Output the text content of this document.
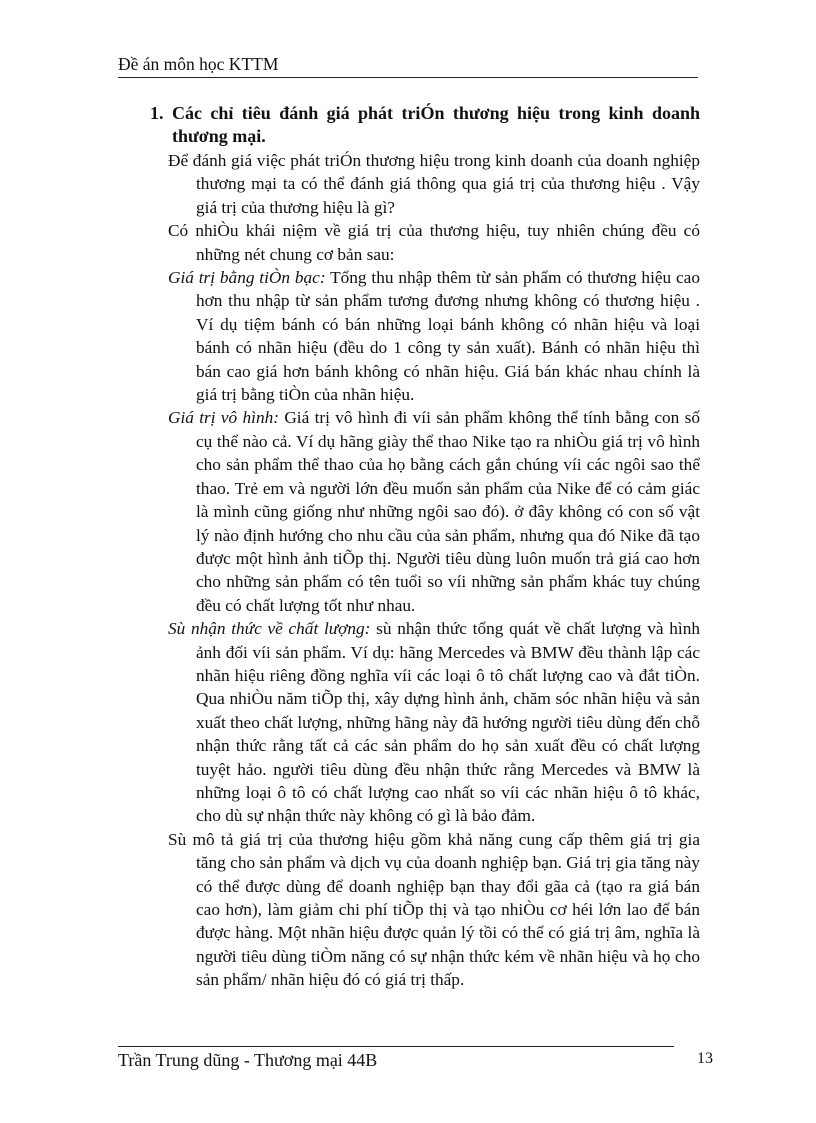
Đề án môn học KTTM
1. Các chỉ tiêu đánh giá phát triÓn thương hiệu trong kinh doanh thương mại.

Để đánh giá việc phát triÓn thương hiệu trong kinh doanh của doanh nghiệp thương mại ta có thể đánh giá thông qua giá trị của thương hiệu . Vậy giá trị của thương hiệu là gì?

Có nhiÒu khái niệm về giá trị của thương hiệu, tuy nhiên chúng đều có những nét chung cơ bản sau:

Giá trị bằng tiÒn bạc: Tổng thu nhập thêm từ sản phẩm có thương hiệu cao hơn thu nhập từ sản phẩm tương đương nhưng không có thương hiệu . Ví dụ tiệm bánh có bán những loại bánh không có nhãn hiệu và loại bánh có nhãn hiệu (đều do 1 công ty sản xuất). Bánh có nhãn hiệu thì bán cao giá hơn bánh không có nhãn hiệu. Giá bán khác nhau chính là giá trị bằng tiÒn của nhãn hiệu.

Giá trị vô hình: Giá trị vô hình đi víi sản phẩm không thể tính bằng con số cụ thể nào cả. Ví dụ hãng giày thể thao Nike tạo ra nhiÒu giá trị vô hình cho sản phẩm thể thao của họ bằng cách gắn chúng víi các ngôi sao thể thao. Trẻ em và người lớn đều muốn sản phẩm của Nike để có cảm giác là mình cũng giống như những ngôi sao đó). ở đây không có con số vật lý nào định hướng cho nhu cầu của sản phẩm, nhưng qua đó Nike đã tạo được một hình ảnh tiÕp thị. Người tiêu dùng luôn muốn trả giá cao hơn cho những sản phẩm có tên tuổi so víi những sản phẩm khác tuy chúng đều có chất lượng tốt như nhau.

Sù nhận thức về chất lượng: sù nhận thức tổng quát về chất lượng và hình ảnh đối víi sản phẩm. Ví dụ: hãng Mercedes và BMW đều thành lập các nhãn hiệu riêng đồng nghĩa víi các loại ô tô chất lượng cao và đắt tiÒn. Qua nhiÒu năm tiÕp thị, xây dựng hình ảnh, chăm sóc nhãn hiệu và sản xuất theo chất lượng, những hãng này đã hướng người tiêu dùng đến chỗ nhận thức rằng tất cả các sản phẩm do họ sản xuất đều có chất lượng tuyệt hảo. người tiêu dùng đều nhận thức rằng Mercedes và BMW là những loại ô tô có chất lượng cao nhất so víi các nhãn hiệu ô tô khác, cho dù sự nhận thức này không có gì là bảo đảm.

Sù mô tả giá trị của thương hiệu gồm khả năng cung cấp thêm giá trị gia tăng cho sản phẩm và dịch vụ của doanh nghiệp bạn. Giá trị gia tăng này có thể được dùng để doanh nghiệp bạn thay đổi gãa cả (tạo ra giá bán cao hơn), làm giảm chi phí tiÕp thị và tạo nhiÒu cơ héi lớn lao để bán được hàng. Một nhãn hiệu được quản lý tồi có thể có giá trị âm, nghĩa là người tiêu dùng tiÒm năng có sự nhận thức kém về nhãn hiệu và họ cho sản phẩm/ nhãn hiệu đó có giá trị thấp.

Trần Trung dũng - Thương mại 44B	13
